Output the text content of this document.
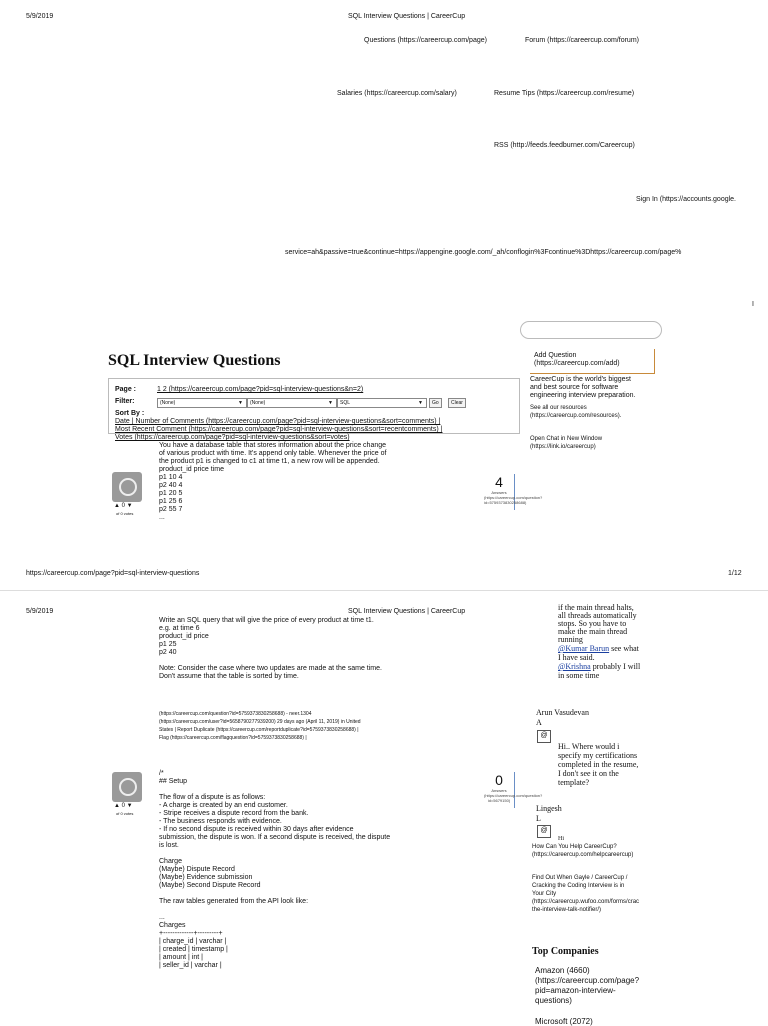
5/9/2019	SQL Interview Questions | CareerCup
Questions (https://careercup.com/page)	Forum (https://careercup.com/forum)
Salaries (https://careercup.com/salary)	Resume Tips (https://careercup.com/resume)
RSS (http://feeds.feedburner.com/Careercup)
Sign In (https://accounts.google.
service=ah&passive=true&continue=https://appengine.google.com/_ah/conflogin%3Fcontinue%3Dhttps://careercup.com/page%
I
SQL Interview Questions	Add Question
(https://careercup.com/add)
CareerCup is the world's biggest
and best source for software
engineering interview preparation.
See all our resources
(https://careercup.com/resources).
Open Chat in New Window
(https://link.io/careercup)
Page :	1 2 (https://careercup.com/page?pid=sql-interview-questions&n=2)
Filter:	(None)	▼	(None)	▼	SQL	▼	Go	Clear
Sort By :
Date | Number of Comments (https://careercup.com/page?pid=sql-interview-questions&sort=comments) |
Most Recent Comment (https://careercup.com/page?pid=sql-interview-questions&sort=recentcomments) |
Votes (https://careercup.com/page?pid=sql-interview-questions&sort=votes)
▲ 0 ▼
of 0 votes
You have a database table that stores information about the price change
of various product with time. It's append only table. Whenever the price of
the product p1 is changed to c1 at time t1, a new row will be appended.
product_id price time
p1 10 4
p2 40 4
p1 20 5
p1 25 6
p2 55 7
...
4
Answers
(https://careercup.com/question?
id=5759373830258688)
https://careercup.com/page?pid=sql-interview-questions	1/12
5/9/2019	SQL Interview Questions | CareerCup
Write an SQL query that will give the price of every product at time t1.
e.g. at time 6
product_id price
p1 25
p2 40

Note: Consider the case where two updates are made at the same time.
Don't assume that the table is sorted by time.
(https://careercup.com/question?id=5759373830258688) - neer.1304
(https://careercup.com/user?id=5658790277939200) 29 days ago (April 11, 2019) in United
States | Report Duplicate (https://careercup.com/reportduplicate?id=5759373830258688) |
Flag (https://careercup.com/flagquestion?id=5759373830258688) |
▲ 0 ▼
of 0 votes
/*
## Setup

The flow of a dispute is as follows:
- A charge is created by an end customer.
- Stripe receives a dispute record from the bank.
- The business responds with evidence.
- If no second dispute is received within 30 days after evidence
submission, the dispute is won. If a second dispute is received, the dispute
is lost.

Charge
(Maybe) Dispute Record
(Maybe) Evidence submission
(Maybe) Second Dispute Record

The raw tables generated from the API look like:

...
Charges
+-------------+---------+
| charge_id | varchar |
| created | timestamp |
| amount | int |
| seller_id | varchar |
0
Answers
(https://careercup.com/question?
id=5679150)
if the main thread halts,
all threads automatically
stops. So you have to
make the main thread
running
@Kumar Barun see what
I have said.
@Krishna probably I will
in some time
Arun Vasudevan
A
@
Hi.. Where would i
specify my certifications
completed in the resume,
I don't see it on the
template?
Lingesh
L
@
Hi
How Can You Help CareerCup?
(https://careercup.com/helpcareercup)
Find Out When Gayle / CareerCup /
Cracking the Coding Interview is in
Your City
(https://careercup.wufoo.com/forms/crac
the-interview-talk-notifier/)
Top Companies
Amazon (4660)
(https://careercup.com/page?
pid=amazon-interview-
questions)
Microsoft (2072)
